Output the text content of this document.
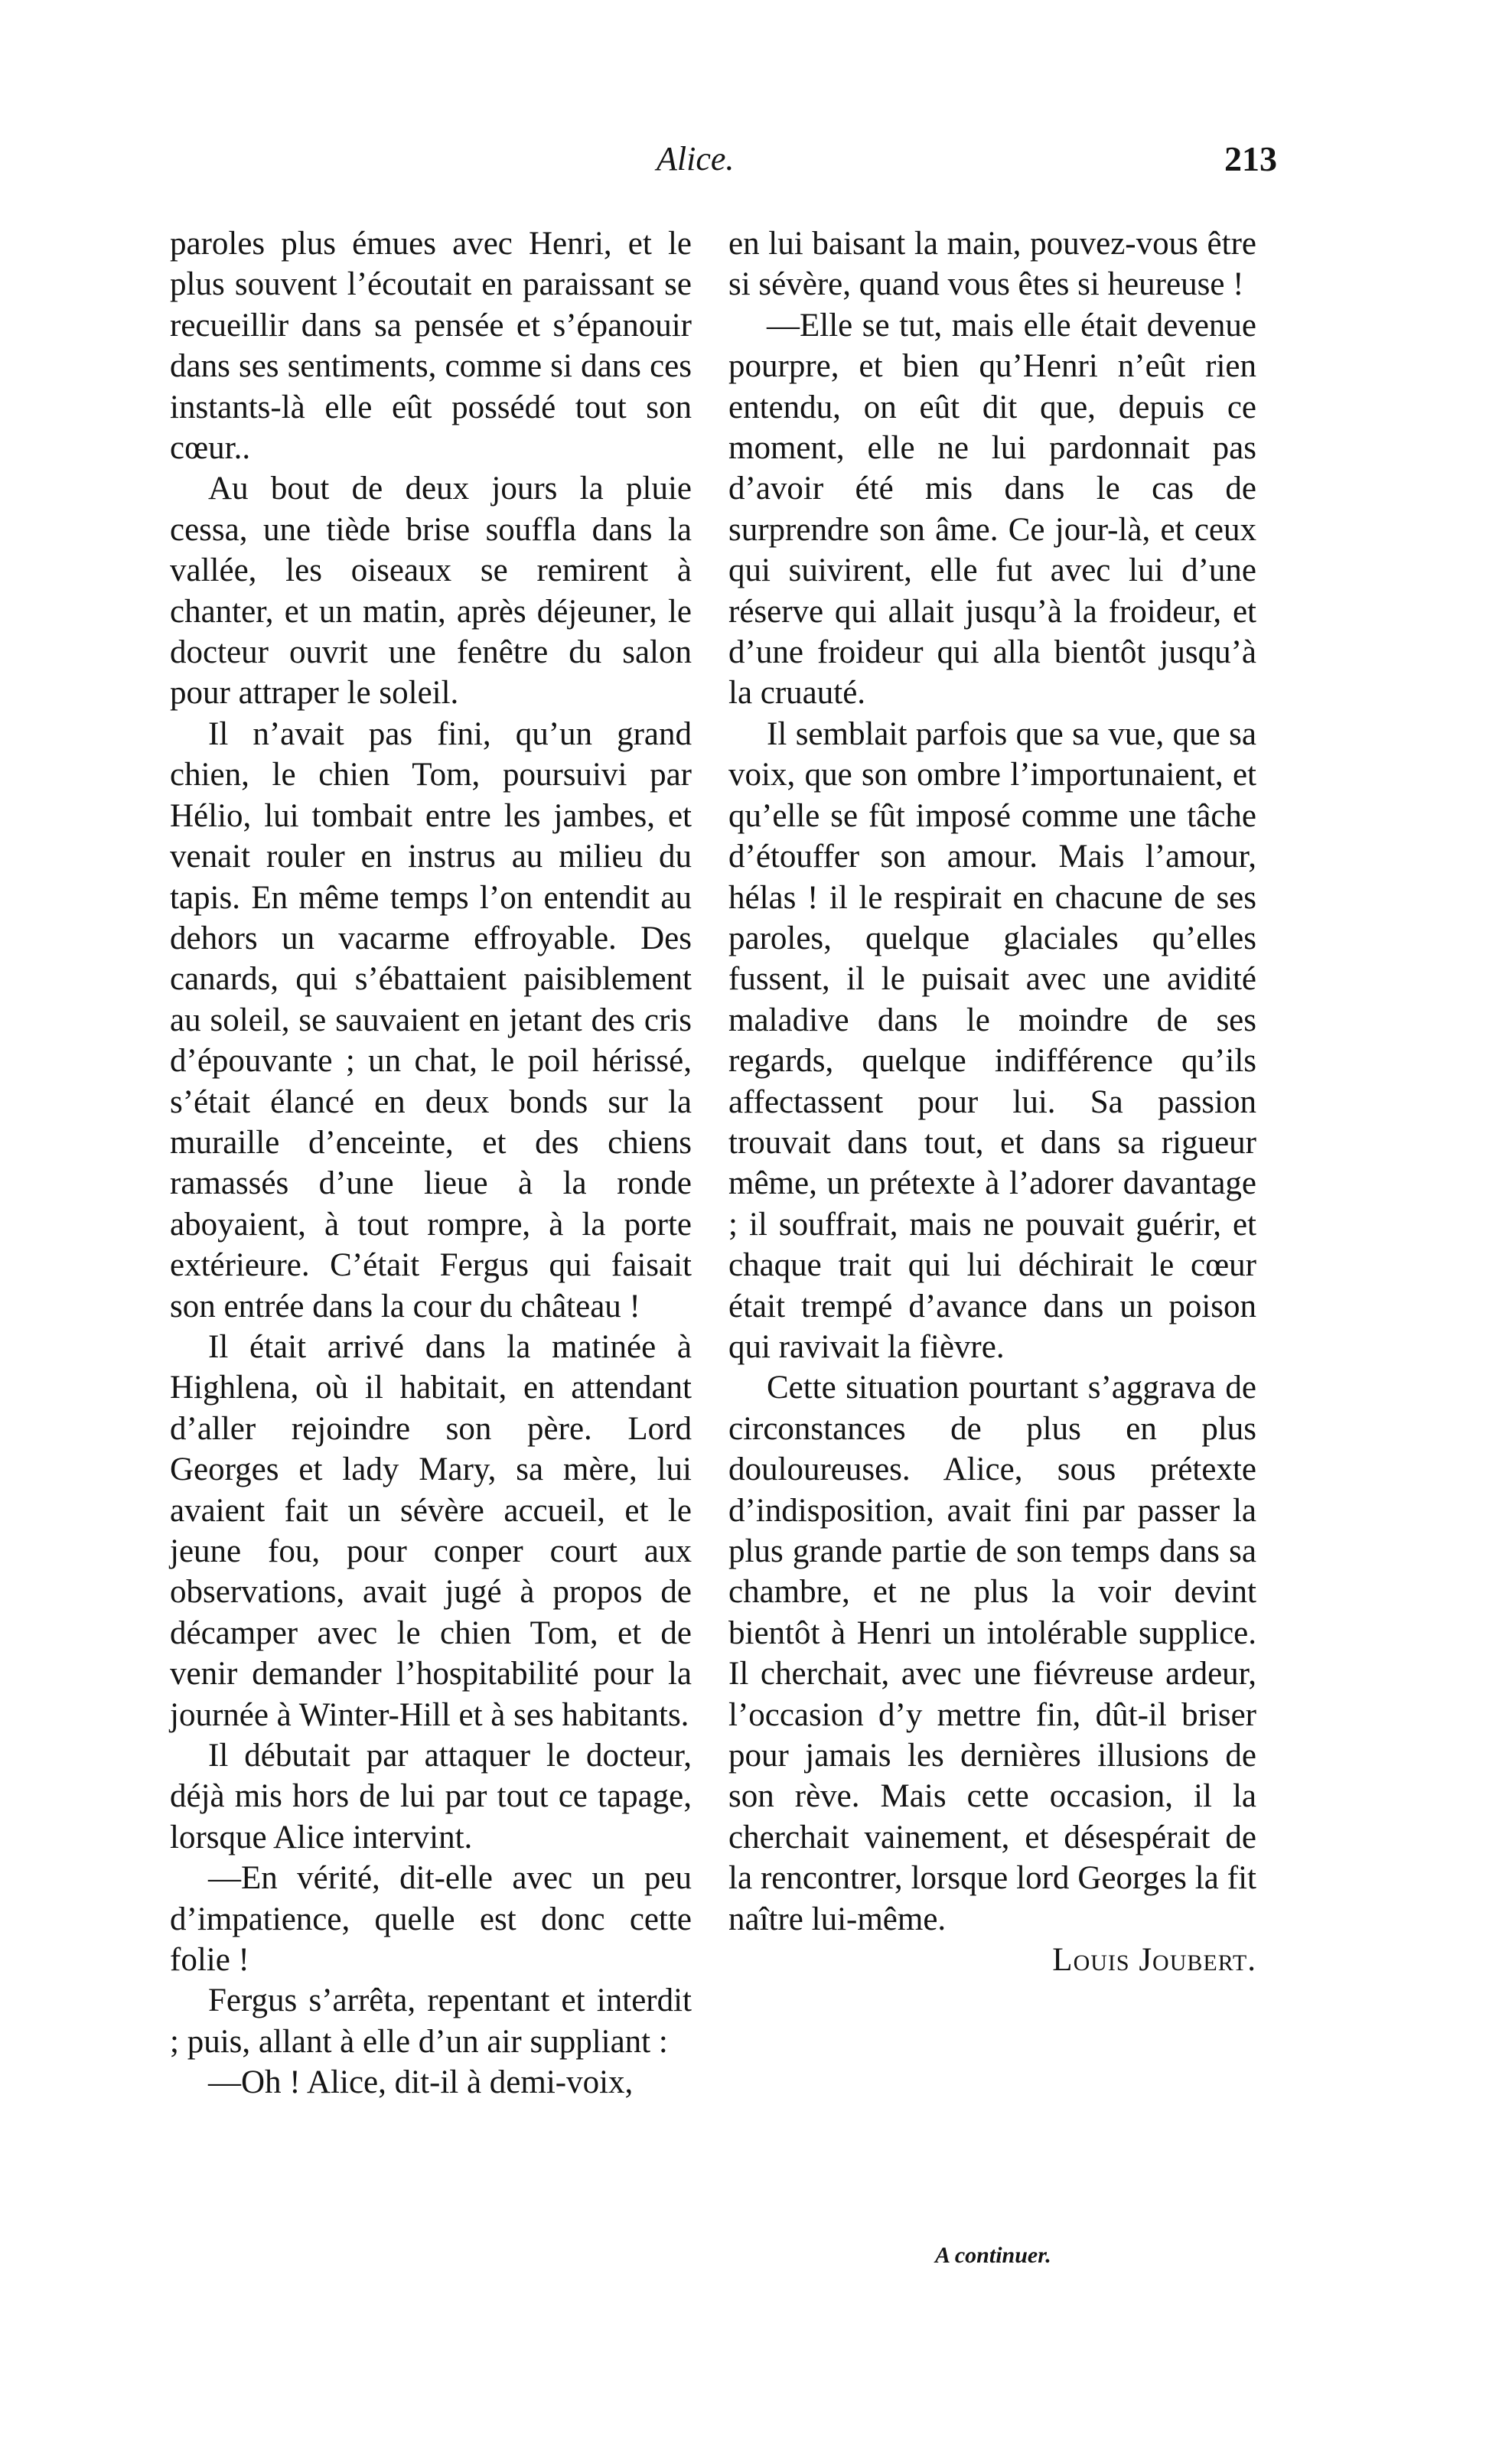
Alice.	213

paroles plus émues avec Henri, et le plus souvent l’écoutait en paraissant se recueillir dans sa pensée et s’épanouir dans ses sentiments, comme si dans ces instants-là elle eût possédé tout son cœur..

Au bout de deux jours la pluie cessa, une tiède brise souffla dans la vallée, les oiseaux se remirent à chanter, et un matin, après déjeuner, le docteur ouvrit une fenêtre du salon pour attraper le soleil.

Il n’avait pas fini, qu’un grand chien, le chien Tom, poursuivi par Hélio, lui tombait entre les jambes, et venait rouler en instrus au milieu du tapis. En même temps l’on entendit au dehors un vacarme effroyable. Des canards, qui s’ébattaient paisiblement au soleil, se sauvaient en jetant des cris d’épouvante ; un chat, le poil hérissé, s’était élancé en deux bonds sur la muraille d’enceinte, et des chiens ramassés d’une lieue à la ronde aboyaient, à tout rompre, à la porte extérieure. C’était Fergus qui faisait son entrée dans la cour du château !

Il était arrivé dans la matinée à Highlena, où il habitait, en attendant d’aller rejoindre son père. Lord Georges et lady Mary, sa mère, lui avaient fait un sévère accueil, et le jeune fou, pour conper court aux observations, avait jugé à propos de décamper avec le chien Tom, et de venir demander l’hospitabilité pour la journée à Winter-Hill et à ses habitants.

Il débutait par attaquer le docteur, déjà mis hors de lui par tout ce tapage, lorsque Alice intervint.

—En vérité, dit-elle avec un peu d’impatience, quelle est donc cette folie !

Fergus s’arrêta, repentant et interdit ; puis, allant à elle d’un air suppliant :

—Oh ! Alice, dit-il à demi-voix,

en lui baisant la main, pouvez-vous être si sévère, quand vous êtes si heureuse !

—Elle se tut, mais elle était devenue pourpre, et bien qu’Henri n’eût rien entendu, on eût dit que, depuis ce moment, elle ne lui pardonnait pas d’avoir été mis dans le cas de surprendre son âme. Ce jour-là, et ceux qui suivirent, elle fut avec lui d’une réserve qui allait jusqu’à la froideur, et d’une froideur qui alla bientôt jusqu’à la cruauté.

Il semblait parfois que sa vue, que sa voix, que son ombre l’importunaient, et qu’elle se fût imposé comme une tâche d’étouffer son amour. Mais l’amour, hélas ! il le respirait en chacune de ses paroles, quelque glaciales qu’elles fussent, il le puisait avec une avidité maladive dans le moindre de ses regards, quelque indifférence qu’ils affectassent pour lui. Sa passion trouvait dans tout, et dans sa rigueur même, un prétexte à l’adorer davantage ; il souffrait, mais ne pouvait guérir, et chaque trait qui lui déchirait le cœur était trempé d’avance dans un poison qui ravivait la fièvre.

Cette situation pourtant s’aggrava de circonstances de plus en plus douloureuses. Alice, sous prétexte d’indisposition, avait fini par passer la plus grande partie de son temps dans sa chambre, et ne plus la voir devint bientôt à Henri un intolérable supplice. Il cherchait, avec une fiévreuse ardeur, l’occasion d’y mettre fin, dût-il briser pour jamais les dernières illusions de son rève. Mais cette occasion, il la cherchait vainement, et désespérait de la rencontrer, lorsque lord Georges la fit naître lui-même.

Louis Joubert.

A continuer.
